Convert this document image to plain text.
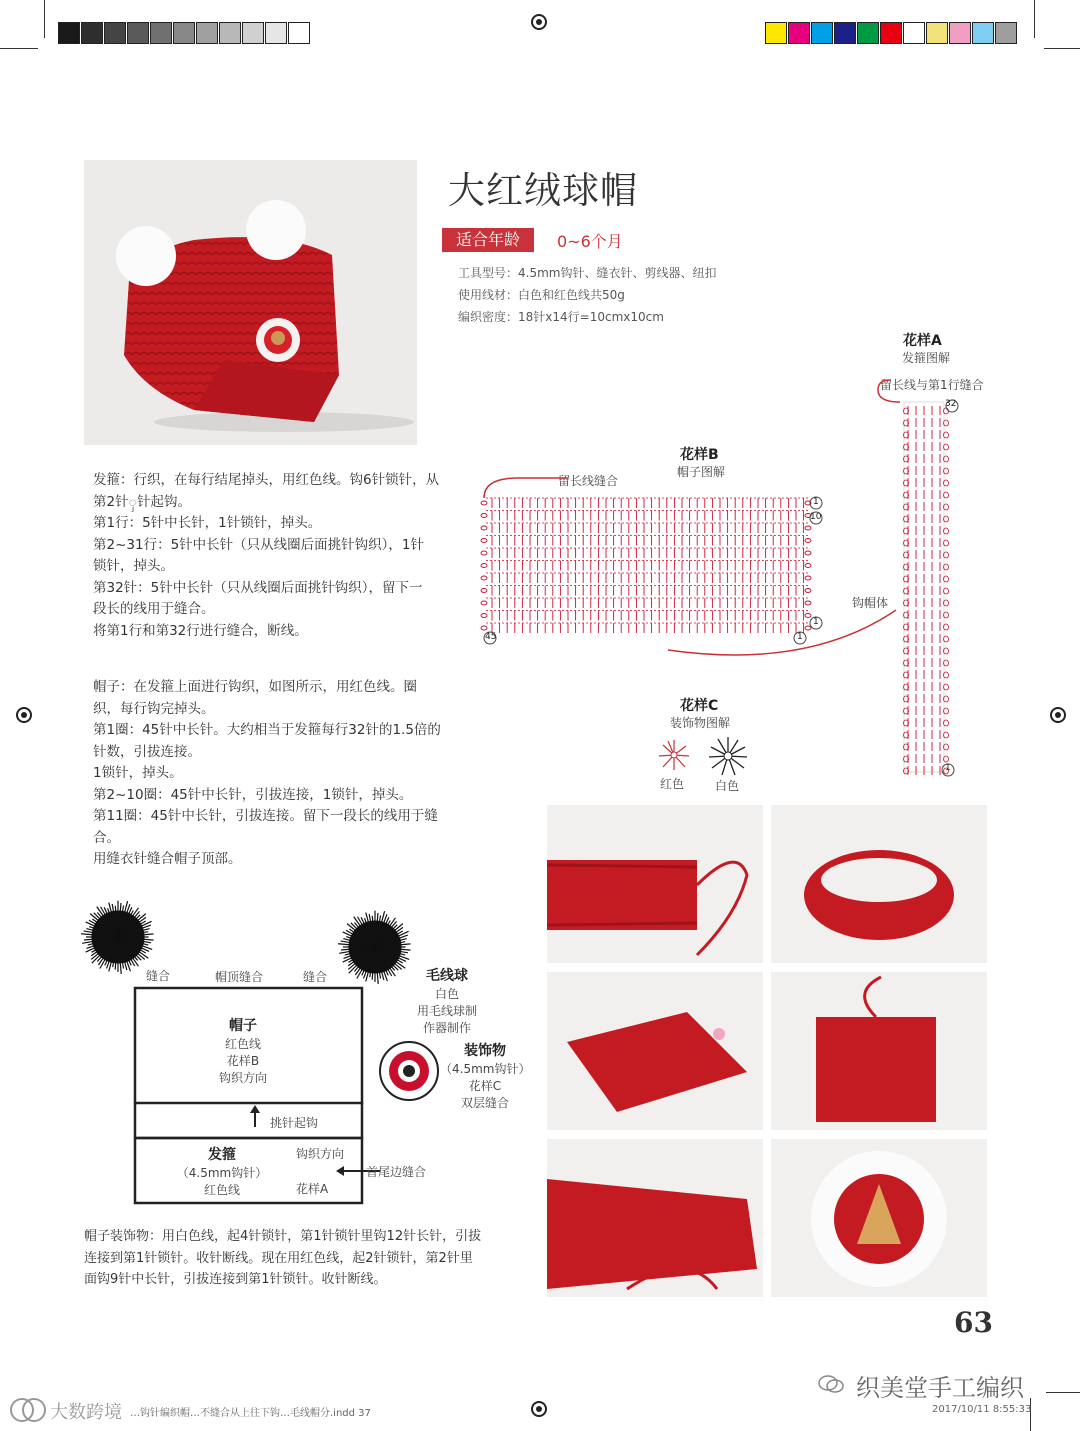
大红绒球帽
适合年龄	0~6个月
工具型号：4.5mm钩针、缝衣针、剪线器、纽扣
使用线材：白色和红色线共50g
编织密度：18针x14行=10cmx10cm
花样A
发箍图解
留长线与第1行缝合
32
1
钩帽体
花样B
帽子图解
留长线缝合
1
10
1
45	1
花样C
装饰物图解
红色	白色
发箍：行织，在每行结尾掉头，用红色线。钩6针锁针，从
第2针ှ针起钩。
第1行：5针中长针，1针锁针，掉头。
第2~31行：5针中长针（只从线圈后面挑针钩织），1针
锁针，掉头。
第32针：5针中长针（只从线圈后面挑针钩织），留下一
段长的线用于缝合。
将第1行和第32行进行缝合，断线。
帽子：在发箍上面进行钩织，如图所示，用红色线。圈
织，每行钩完掉头。
第1圈：45针中长针。大约相当于发箍每行32针的1.5倍的
针数，引拔连接。
1锁针，掉头。
第2~10圈：45针中长针，引拔连接，1锁针，掉头。
第11圈：45针中长针，引拔连接。留下一段长的线用于缝
合。
用缝衣针缝合帽子顶部。
缝合	帽顶缝合	缝合
帽子
红色线
花样B
钩织方向
挑针起钩
发箍
（4.5mm钩针）
红色线
钩织方向
花样A
首尾边缝合
毛线球
白色
用毛线球制
作器制作
装饰物
（4.5mm钩针）
花样C
双层缝合
帽子装饰物：用白色线，起4针锁针，第1针锁针里钩12针长针，引拔
连接到第1针锁针。收针断线。现在用红色线，起2针锁针，第2针里
面钩9针中长针，引拔连接到第1针锁针。收针断线。
63
织美堂手工编织
大数跨境 …钩针编织帽…不缝合从上往下钩…毛线帽分.indd 37	2017/10/11 8:55:33
